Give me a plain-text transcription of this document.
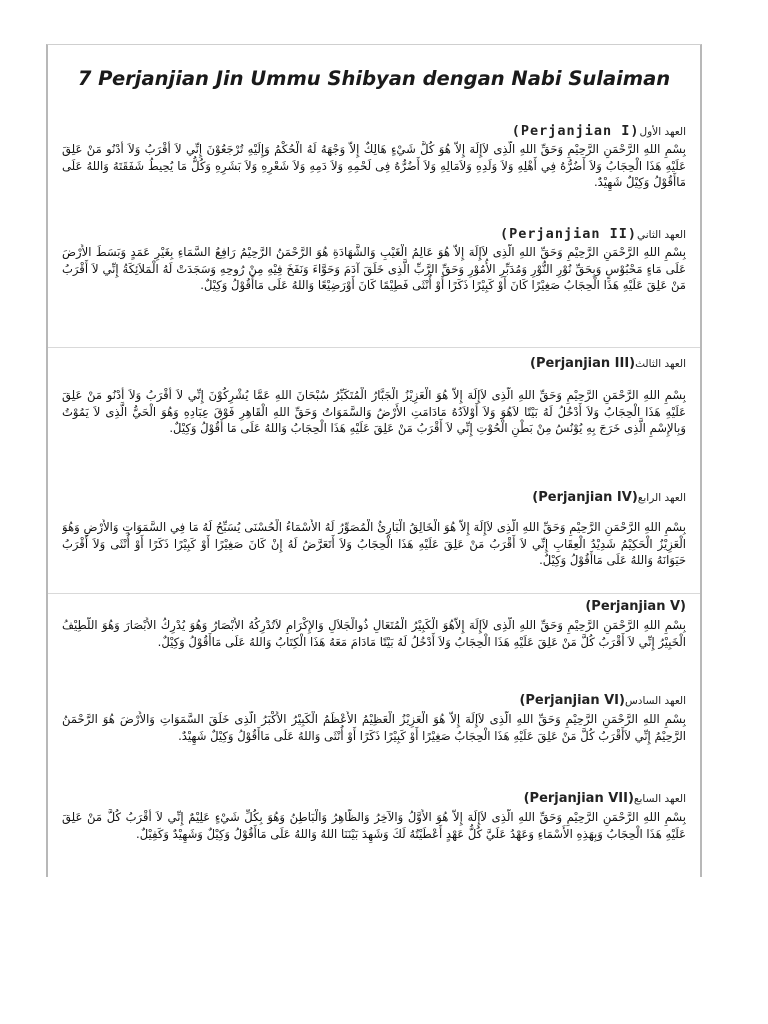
7 Perjanjian Jin Ummu Shibyan dengan Nabi Sulaiman
العهد الأول(Perjanjian I)
بِسْمِ اللهِ الرَّحْمَنِ الرَّحِيْمِ وَحَقِّ اللهِ الَّذِى لاَإِلَهَ إِلاَّ هُوَ كُلُّ شَيْءٍ هَالِكٌ إِلاَّ وَجْهَهُ لَهُ الْحُكْمُ وَإِلَيْهِ تُرْجَعُوْنَ إِنِّي لاَ أَقْرَبُ وَلاَ أَدْنُو مَنْ عَلِقَ عَلَيْهِ هَذَا الْحِجَابُ وَلاَ أَضُرُّهُ فِي أَهْلِهِ وَلاَ وَلَدِهِ وَلاَمَالِهِ وَلاَ أَضُرُّهُ فِى لَحْمِهِ وَلاَ دَمِهِ وَلاَ شَعْرِهِ وَلاَ بَشَرِهِ وَكُلُّ مَا يُحِيطُ شَفَقَتَهُ وَاللهُ عَلَى مَاأَقُوْلُ وَكِيْلٌ شَهِيْدٌ.
العهد الثاني(Perjanjian II)
بِسْمِ اللهِ الرَّحْمَنِ الرَّحِيْمِ وَحَقِّ اللهِ الَّذِى لاَإِلَهَ إِلاَّ هُوَ عَالِمُ الْغَيْبِ وَالشَّهَادَةِ هُوَ الرَّحْمَنُ الرَّحِيْمُ رَافِعُ السَّمَاءِ بِغَيْرِ عَمَدٍ وَبَسَطَ الأَرْضَ عَلَى مَاءٍ مَحْبُوْسٍ وَبِحَقِّ نُوْرِ النُّوْرِ وَمُدَبِّرِ الأُمُوْرِ وَحَقِّ الرَّبِّ الَّذِى خَلَقَ آدَمَ وَحَوَّاءَ وَنَفَخَ فِيْهِ مِنْ رُوحِهِ وَسَجَدَتْ لَهُ الْمَلاَئِكَةُ إِنِّي لاَ أَقْرَبُ مَنْ عَلِقَ عَلَيْهِ هَذَا الْحِجَابُ صَغِيْرًا كَانَ أَوْ كَبِيْرًا ذَكَرًا أَوْ أُنْثَى فَطِيْمًا كَانَ أَوْرَضِيْعًا وَاللهُ عَلَى مَاأَقُوْلُ وَكِيْلٌ.
العهد الثالث(Perjanjian III)
بِسْمِ اللهِ الرَّحْمَنِ الرَّحِيْمِ وَحَقِّ اللهِ الَّذِى لاَإِلَهَ إِلاَّ هُوَ الْعَزِيْزُ الْجَبَّارُ الْمُتَكَبِّرُ سُبْحَانَ اللهِ عَمَّا يُشْرِكُوْنَ إِنِّي لاَ أَقْرَبُ وَلاَ أَدْنُو مَنْ عَلِقَ عَلَيْهِ هَذَا الْحِجَابُ وَلاَ أَدْخُلُ لَهُ بَيْتًا لاَهُوَ وَلاَ أَوْلاَدُهُ مَادَامَتِ الأَرْضُ وَالسَّمَوَاتُ وَحَقِّ اللهِ الْقَاهِرِ فَوْقَ عِبَادِهِ وَهُوَ الْحَيُّ الَّذِى لاَ يَمُوْتُ وَبِالإِسْمِ الَّذِى خَرَجَ بِهِ يُوْنُسُ مِنْ بَطْنِ الْحُوْتِ إِنِّي لاَ أَقْرَبُ مَنْ عَلِقَ عَلَيْهِ هَذَا الْحِجَابُ وَاللهُ عَلَى مَا أَقُوْلُ وَكِيْلٌ.
العهد الرابع(Perjanjian IV)
بِسْمِ اللهِ الرَّحْمَنِ الرَّحِيْمِ وَحَقِّ اللهِ الَّذِى لاَإِلَهَ إِلاَّ هُوَ الْخَالِقُ الْبَارِئُ الْمُصَوِّرُ لَهُ الأَسْمَاءُ الْحُسْنَى يُسَبِّحُ لَهُ مَا فِي السَّمَوَاتِ وَالأَرْضِ وَهُوَ الْعَزِيْزُ الْحَكِيْمُ شَدِيْدُ الْعِقَابِ إِنِّي لاَ أَقْرَبُ مَنْ عَلِقَ عَلَيْهِ هَذَا الْحِجَابُ وَلاَ أَتَعَرَّضُ لَهُ إِنْ كَانَ صَغِيْرًا أَوْ كَبِيْرًا ذَكَرًا أَوْ أُنْثَى وَلاَ أَقْرَبُ حَيَوَانَهُ وَاللهُ عَلَى مَاأَقُوْلُ وَكِيْلٌ.
(Perjanjian V)
بِسْمِ اللهِ الرَّحْمَنِ الرَّحِيْمِ وَحَقِّ اللهِ الَّذِى لاَإِلَهَ إِلاَّهُوَ الْكَبِيْرُ الْمُتَعَالِ ذُوالْجَلاَلِ وَالإِكْرَامِ لاَتُدْرِكُهُ الأَبْصَارُ وَهُوَ يُدْرِكُ الأَبْصَارَ وَهُوَ اللَّطِيْفُ الْخَبِيْرُ إِنِّي لاَ أَقْرَبُ كُلَّ مَنْ عَلِقَ عَلَيْهِ هَذَا الْحِجَابُ وَلاَ أَدْخُلُ لَهُ بَيْتًا مَادَامَ مَعَهُ هَذَا الْكِتَابُ وَاللهُ عَلَى مَاأَقُوْلُ وَكِيْلٌ.
العهد السادس(Perjanjian VI)
بِسْمِ اللهِ الرَّحْمَنِ الرَّحِيْمِ وَحَقِّ اللهِ الَّذِى لاَإِلَهَ إِلاَّ هُوَ الْعَزِيْزُ الْعَظِيْمُ الأَعْظَمُ الْكَبِيْرُ الأَكْبَرُ الَّذِى خَلَقَ السَّمَوَاتِ وَالأَرْضَ هُوَ الرَّحْمَنُ الرَّحِيْمُ إِنِّي لاَأَقْرَبُ كُلَّ مَنْ عَلِقَ عَلَيْهِ هَذَا الْحِجَابُ صَغِيْرًا أَوْ كَبِيْرًا ذَكَرًا أَوْ أُنْثَى وَاللهُ عَلَى مَاأَقُوْلُ وَكِيْلٌ شَهِيْدٌ.
العهد السابع(Perjanjian VII)
بِسْمِ اللهِ الرَّحْمَنِ الرَّحِيْمِ وَحَقِّ اللهِ الَّذِى لاَإِلَهَ إِلاَّ هُوَ الأَوَّلُ وَالآخِرُ وَالظَّاهِرُ وَالْبَاطِنُ وَهُوَ بِكُلِّ شَيْءٍ عَلِيْمٌ إِنِّي لاَ أَقْرَبُ كُلَّ مَنْ عَلِقَ عَلَيْهِ هَذَا الْحِجَابُ وَبِهَذِهِ الأَسْمَاءِ وَعَهْدُ عَلَيَّ كُلُّ عَهْدٍ أَعْطَيْتُهُ لَكَ وَشَهِدَ بَيْنَنَا اللهُ وَاللهُ عَلَى مَاأَقُوْلُ وَكِيْلٌ وَشَهِيْدٌ وَكَفِيْلٌ.
